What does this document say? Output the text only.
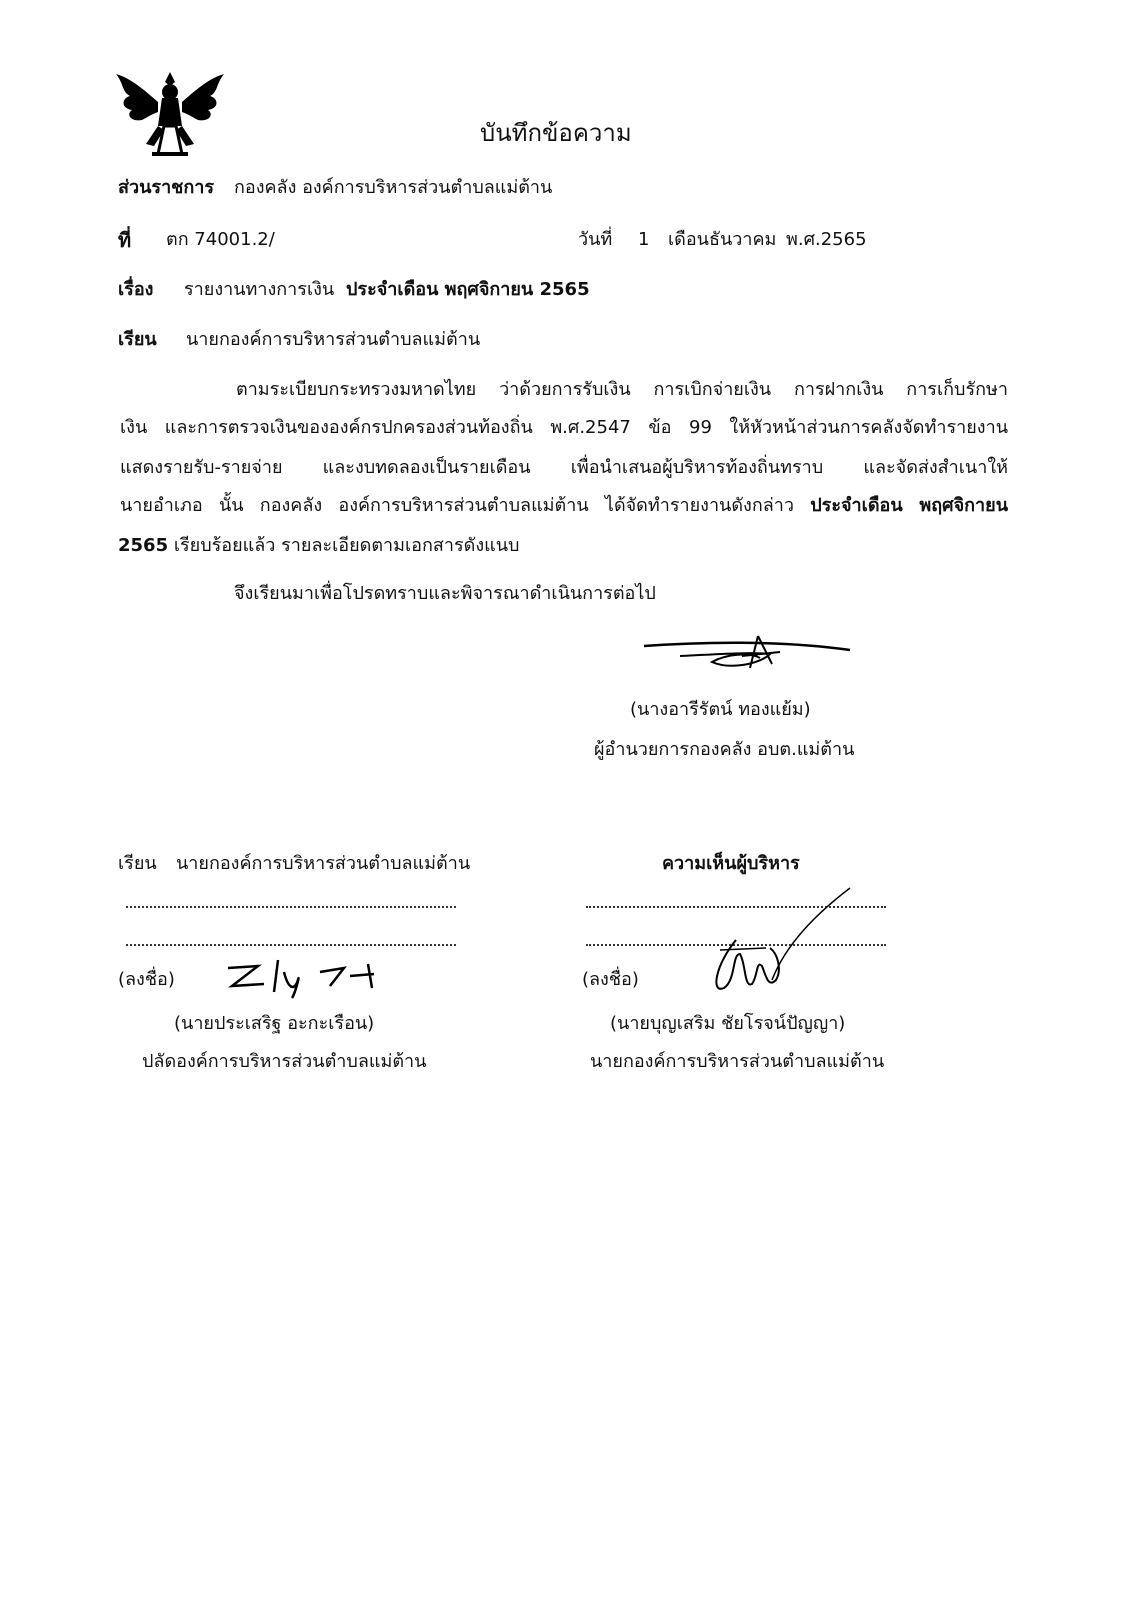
บันทึกข้อความ
ส่วนราชการ กองคลัง องค์การบริหารส่วนตำบลแม่ต้าน
ที่ ตก 74001.2/	วันที่ 1 เดือนธันวาคม พ.ศ.2565
เรื่อง รายงานทางการเงิน ประจำเดือน พฤศจิกายน 2565
เรียน นายกองค์การบริหารส่วนตำบลแม่ต้าน
ตามระเบียบกระทรวงมหาดไทย ว่าด้วยการรับเงิน การเบิกจ่ายเงิน การฝากเงิน การเก็บรักษา
เงิน และการตรวจเงินขององค์กรปกครองส่วนท้องถิ่น พ.ศ.2547 ข้อ 99 ให้หัวหน้าส่วนการคลังจัดทำรายงาน
แสดงรายรับ-รายจ่าย และงบทดลองเป็นรายเดือน เพื่อนำเสนอผู้บริหารท้องถิ่นทราบ และจัดส่งสำเนาให้
นายอำเภอ นั้น กองคลัง องค์การบริหารส่วนตำบลแม่ต้าน ได้จัดทำรายงานดังกล่าว ประจำเดือน พฤศจิกายน
2565 เรียบร้อยแล้ว รายละเอียดตามเอกสารดังแนบ
จึงเรียนมาเพื่อโปรดทราบและพิจารณาดำเนินการต่อไป
(นางอารีรัตน์ ทองแย้ม)
ผู้อำนวยการกองคลัง อบต.แม่ต้าน
เรียน นายกองค์การบริหารส่วนตำบลแม่ต้าน
(ลงชื่อ)
(นายประเสริฐ อะกะเรือน)
ปลัดองค์การบริหารส่วนตำบลแม่ต้าน
ความเห็นผู้บริหาร
(ลงชื่อ)
(นายบุญเสริม ชัยโรจน์ปัญญา)
นายกองค์การบริหารส่วนตำบลแม่ต้าน
